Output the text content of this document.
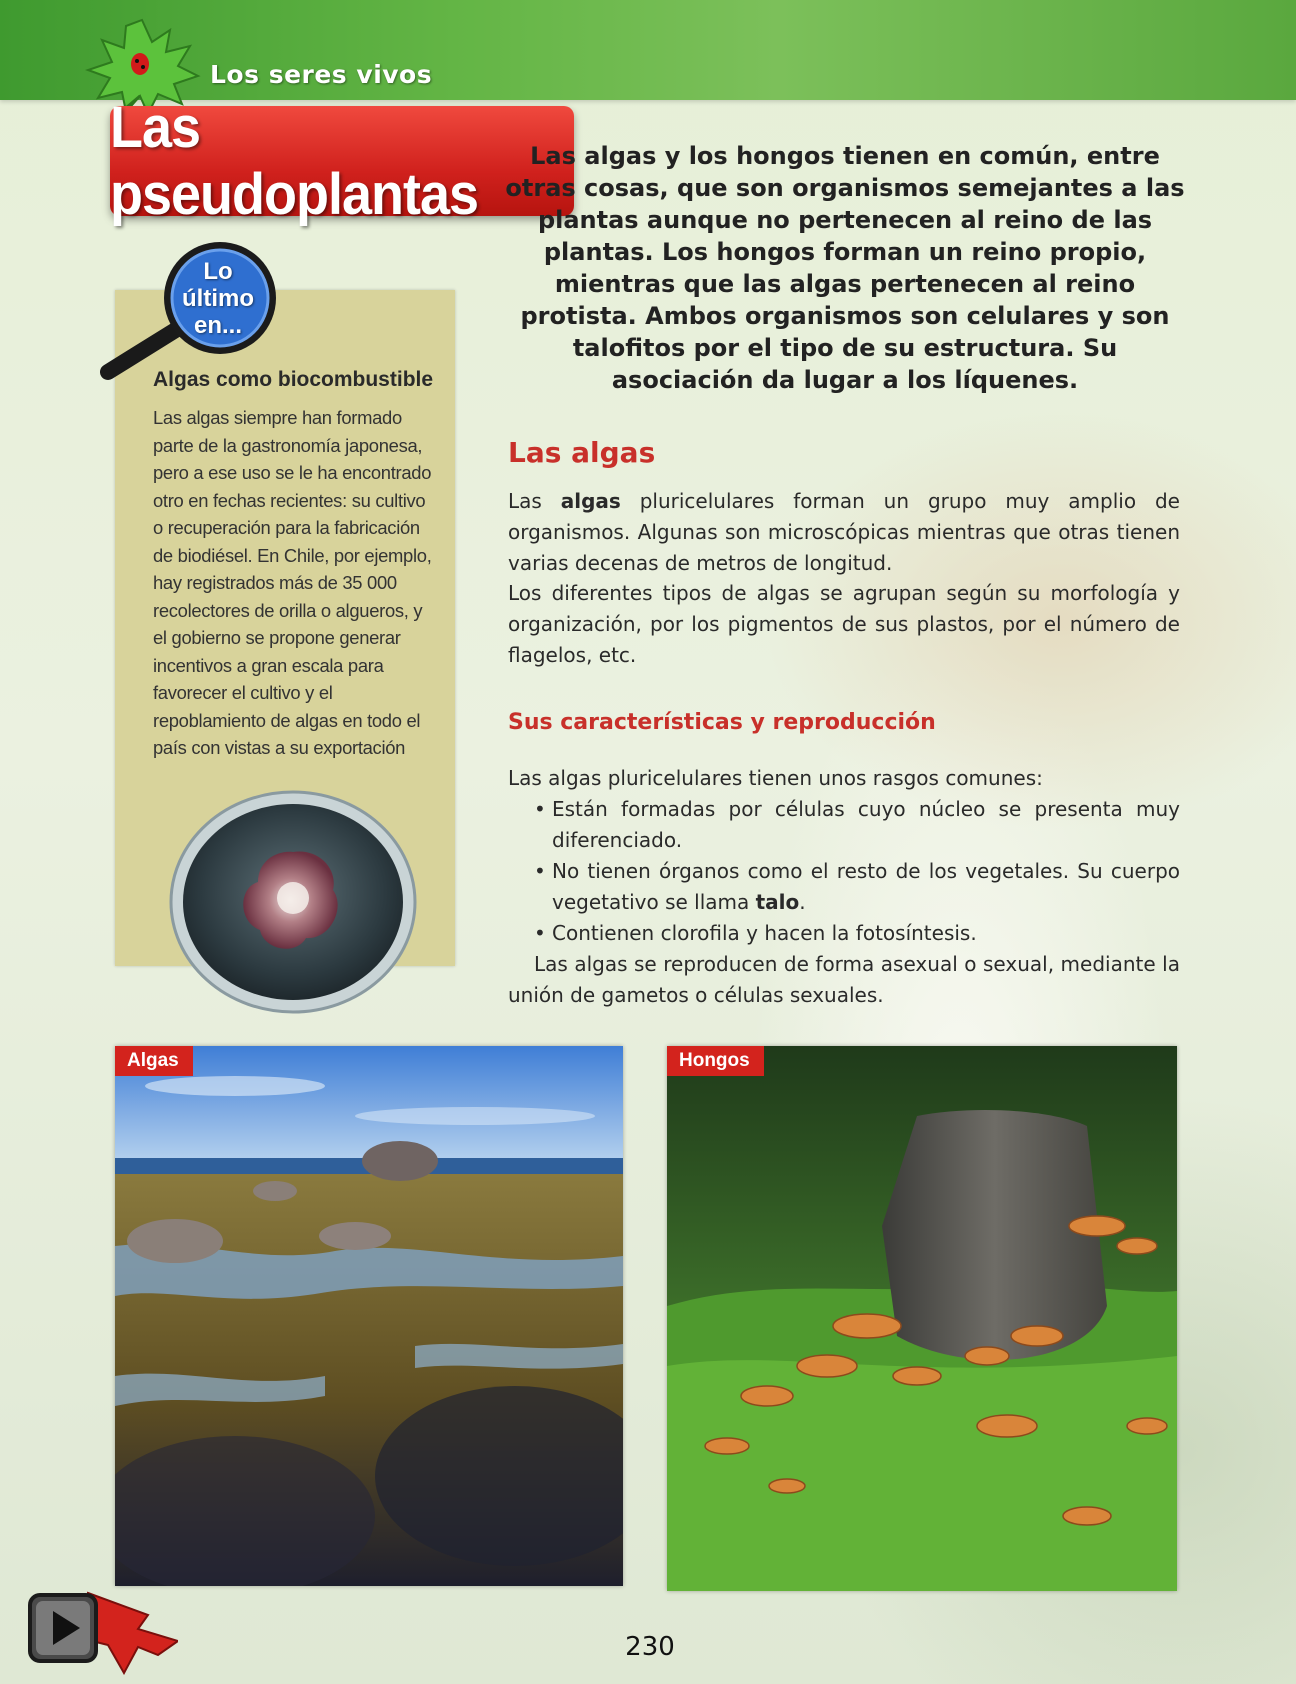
Los seres vivos
Las pseudoplantas

Las algas y los hongos tienen en común, entre otras cosas, que son organismos semejantes a las plantas aunque no pertenecen al reino de las plantas. Los hongos forman un reino propio, mientras que las algas pertenecen al reino protista. Ambos organismos son celulares y son talofitos por el tipo de su estructura. Su asociación da lugar a los líquenes.

Lo
último
en...
Algas como biocombustible

Las algas siempre han formado parte de la gastronomía japonesa, pero a ese uso se le ha encontrado otro en fechas recientes: su cultivo o recuperación para la fabricación de biodiésel. En Chile, por ejemplo, hay registrados más de 35 000 recolectores de orilla o algueros, y el gobierno se propone generar incentivos a gran escala para favorecer el cultivo y el repoblamiento de algas en todo el país con vistas a su exportación

Las algas

Las algas pluricelulares forman un grupo muy amplio de organismos. Algunas son microscópicas mientras que otras tienen varias decenas de metros de longitud.

Los diferentes tipos de algas se agrupan según su morfología y organización, por los pigmentos de sus plastos, por el número de flagelos, etc.

Sus características y reproducción

Las algas pluricelulares tienen unos rasgos comunes:

• Están formadas por células cuyo núcleo se presenta muy diferenciado.
• No tienen órganos como el resto de los vegetales. Su cuerpo vegetativo se llama talo.
• Contienen clorofila y hacen la fotosíntesis.

Las algas se reproducen de forma asexual o sexual, mediante la unión de gametos o células sexuales.

Algas	Hongos
230
